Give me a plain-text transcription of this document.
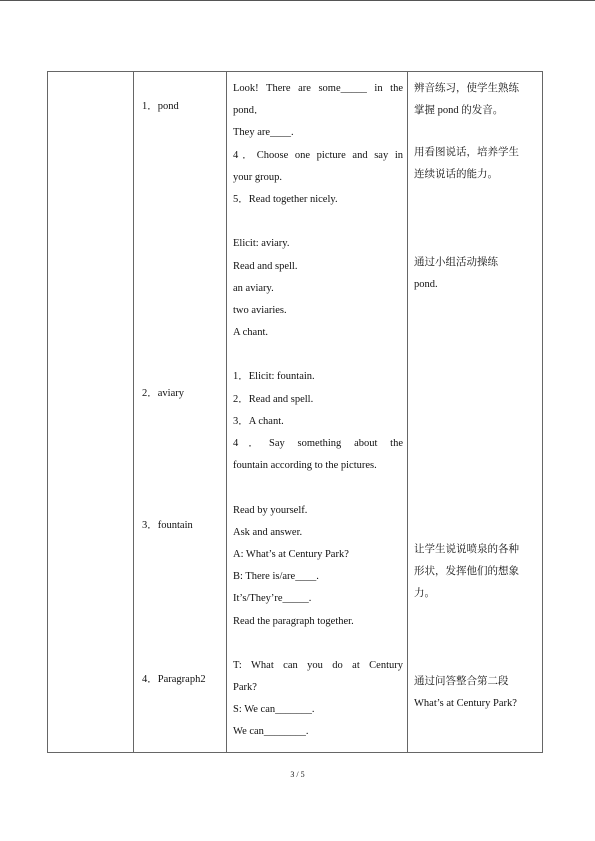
1．pond
2．aviary
3．fountain
4．Paragraph2
Look! There are some_____ in the
pond．
They are____.
4．Choose one picture and say in
your group.
5．Read together nicely.
Elicit: aviary.
Read and spell.
an aviary.
two aviaries.
A chant.
1．Elicit: fountain.
2．Read and spell.
3．A chant.
4．Say something about the
fountain according to the pictures.
Read by yourself.
Ask and answer.
A: What’s at Century Park?
B: There is/are____.
It’s/They’re_____.
Read the paragraph together.
T: What can you do at Century
Park?
S: We can_______.
We can________.
辨音练习，使学生熟练
掌握 pond 的发音。
用看图说话，培养学生
连续说话的能力。
通过小组活动操练
pond.
让学生说说喷泉的各种
形状，发挥他们的想象
力。
通过问答整合第二段
What’s at Century Park?
3 / 5
